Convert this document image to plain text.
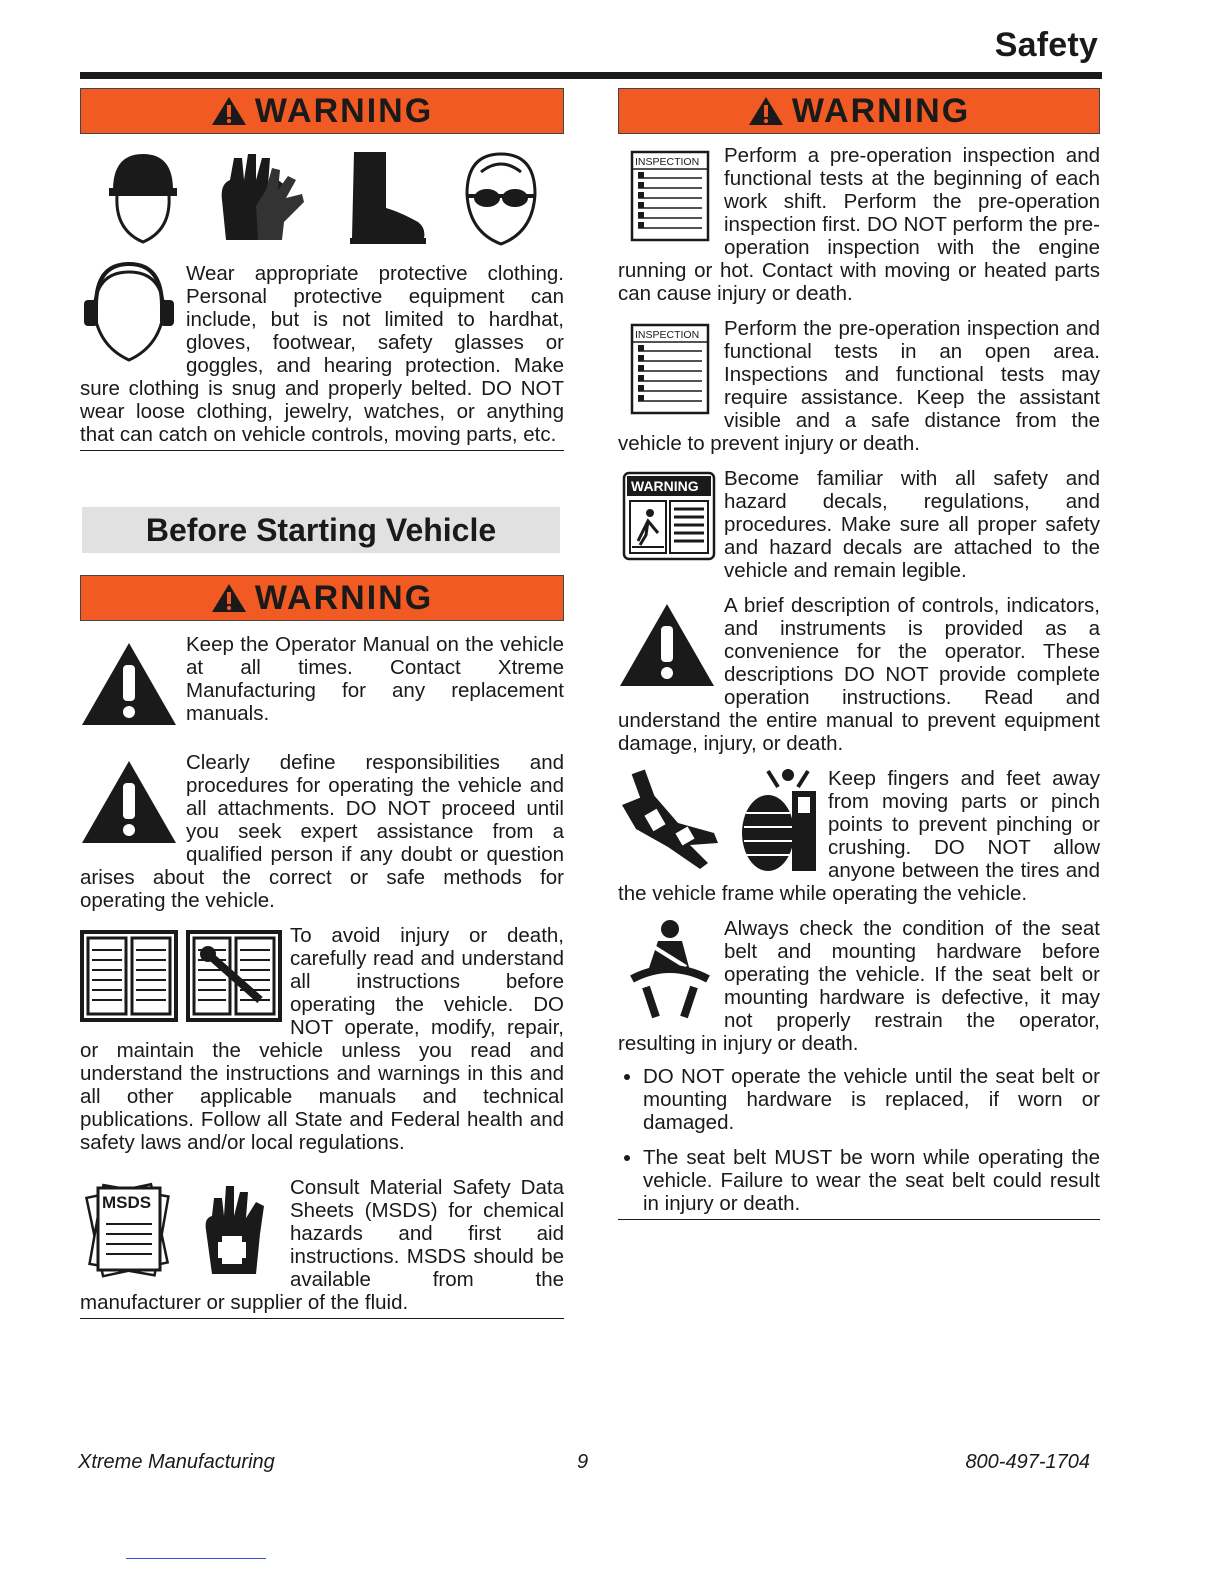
Safety
WARNING
Wear appropriate protective clothing. Personal protective equipment can include, but is not limited to hardhat, gloves, footwear, safety glasses or goggles, and hearing protection. Make sure clothing is snug and properly belted. DO NOT wear loose clothing, jewelry, watches, or anything that can catch on vehicle controls, moving parts, etc.
Before Starting Vehicle
WARNING
Keep the Operator Manual on the vehicle at all times. Contact Xtreme Manufacturing for any replacement manuals.
Clearly define responsibilities and procedures for operating the vehicle and all attachments. DO NOT proceed until you seek expert assistance from a qualified person if any doubt or question arises about the correct or safe methods for operating the vehicle.
To avoid injury or death, carefully read and understand all instructions before operating the vehicle. DO NOT operate, modify, repair, or maintain the vehicle unless you read and understand the instructions and warnings in this and all other applicable manuals and technical publications. Follow all State and Federal health and safety laws and/or local regulations.
MSDS
Consult Material Safety Data Sheets (MSDS) for chemical hazards and first aid instructions. MSDS should be available from the manufacturer or supplier of the fluid.
WARNING
INSPECTION Perform a pre-operation inspection and functional tests at the beginning of each work shift. Perform the pre-operation inspection first. DO NOT perform the pre-operation inspection with the engine running or hot. Contact with moving or heated parts can cause injury or death.
INSPECTION Perform the pre-operation inspection and functional tests in an open area. Inspections and functional tests may require assistance. Keep the assistant visible and a safe distance from the vehicle to prevent injury or death.
WARNING Become familiar with all safety and hazard decals, regulations, and procedures. Make sure all proper safety and hazard decals are attached to the vehicle and remain legible.
A brief description of controls, indicators, and instruments is provided as a convenience for the operator. These descriptions DO NOT provide complete operation instructions. Read and understand the entire manual to prevent equipment damage, injury, or death.
Keep fingers and feet away from moving parts or pinch points to prevent pinching or crushing. DO NOT allow anyone between the tires and the vehicle frame while operating the vehicle.
Always check the condition of the seat belt and mounting hardware before operating the vehicle. If the seat belt or mounting hardware is defective, it may not properly restrain the operator, resulting in injury or death.
• DO NOT operate the vehicle until the seat belt or mounting hardware is replaced, if worn or damaged.
• The seat belt MUST be worn while operating the vehicle. Failure to wear the seat belt could result in injury or death.
Xtreme Manufacturing	9	800-497-1704
